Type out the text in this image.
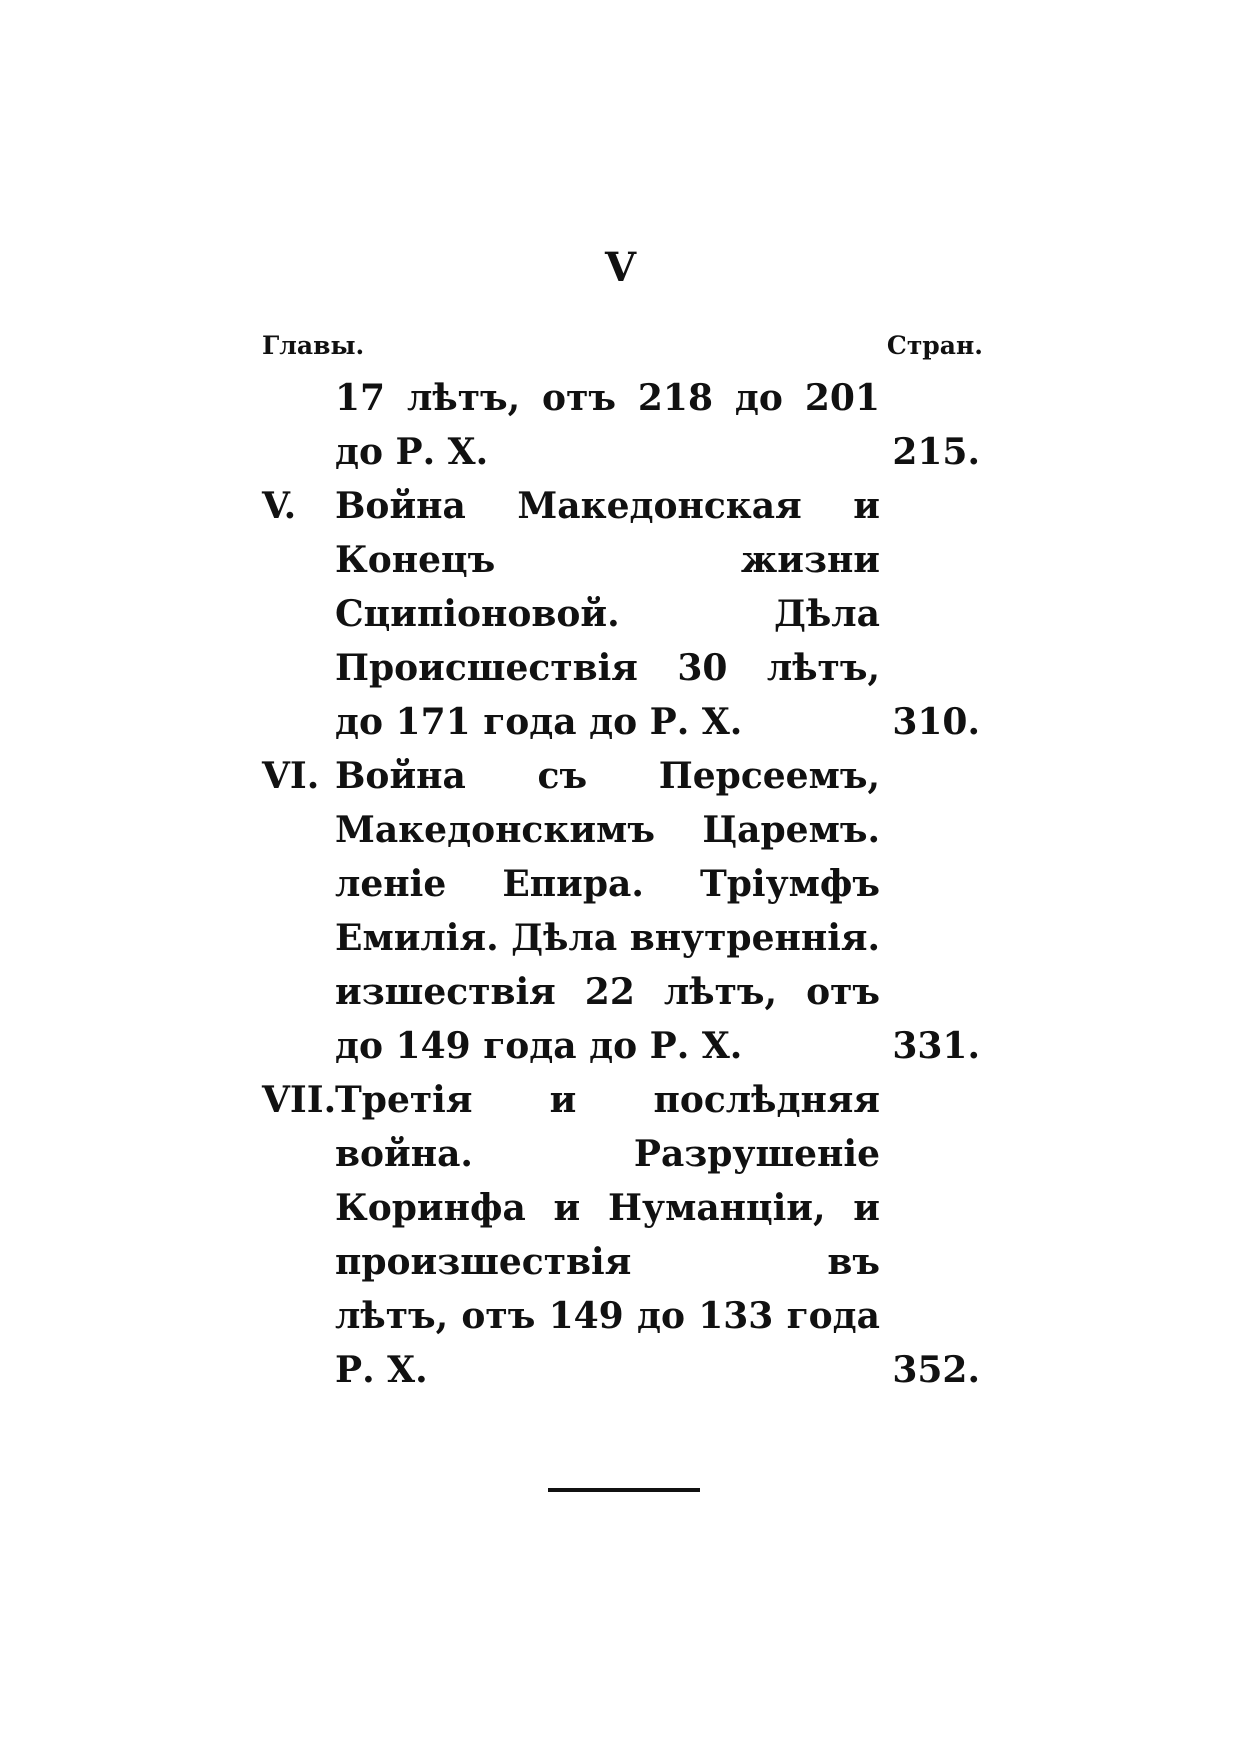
V
Главы.	Стран.
17 лѣтъ, отъ 218 до 201
до Р. Х.	215.
V. Война Македонская и
Конецъ жизни
Сципіоновой. Дѣла
Происшествія 30 лѣтъ,
до 171 года до Р. Х.	310.
VI. Война съ Персеемъ,
Македонскимъ Царемъ.
леніе Епира. Тріумфъ
Емилія. Дѣла внутреннія.
изшествія 22 лѣтъ, отъ
до 149 года до Р. Х.	331.
VII.
Третія и послѣдняя
война. Разрушеніе
Коринфа и Нуманціи, и
произшествія въ
лѣтъ, отъ 149 до 133 года
Р. Х.	352.
